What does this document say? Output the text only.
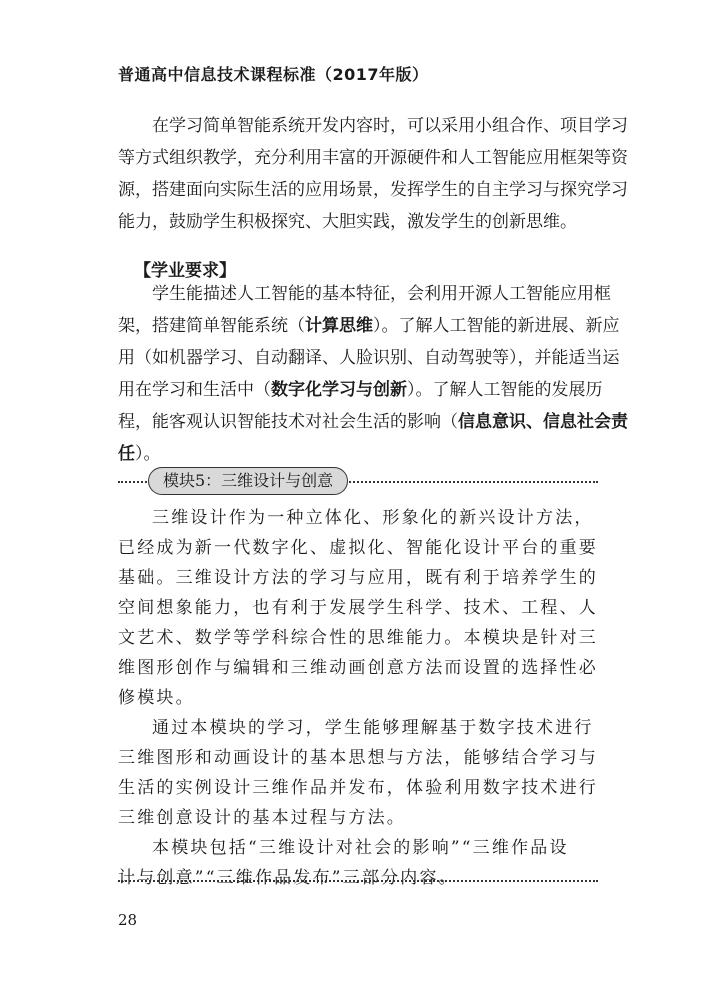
普通高中信息技术课程标准（2017年版）
在学习简单智能系统开发内容时，可以采用小组合作、项目学习
等方式组织教学，充分利用丰富的开源硬件和人工智能应用框架等资
源，搭建面向实际生活的应用场景，发挥学生的自主学习与探究学习
能力，鼓励学生积极探究、大胆实践，激发学生的创新思维。
【学业要求】
学生能描述人工智能的基本特征，会利用开源人工智能应用框
架，搭建简单智能系统（计算思维）。了解人工智能的新进展、新应
用（如机器学习、自动翻译、人脸识别、自动驾驶等），并能适当运
用在学习和生活中（数字化学习与创新）。了解人工智能的发展历
程，能客观认识智能技术对社会生活的影响（信息意识、信息社会责
任）。
模块5：三维设计与创意
三维设计作为一种立体化、形象化的新兴设计方法，
已经成为新一代数字化、虚拟化、智能化设计平台的重要
基础。三维设计方法的学习与应用，既有利于培养学生的
空间想象能力，也有利于发展学生科学、技术、工程、人
文艺术、数学等学科综合性的思维能力。本模块是针对三
维图形创作与编辑和三维动画创意方法而设置的选择性必
修模块。
通过本模块的学习，学生能够理解基于数字技术进行
三维图形和动画设计的基本思想与方法，能够结合学习与
生活的实例设计三维作品并发布，体验利用数字技术进行
三维创意设计的基本过程与方法。
本模块包括“三维设计对社会的影响”“三维作品设
计与创意”“三维作品发布”三部分内容。
28
